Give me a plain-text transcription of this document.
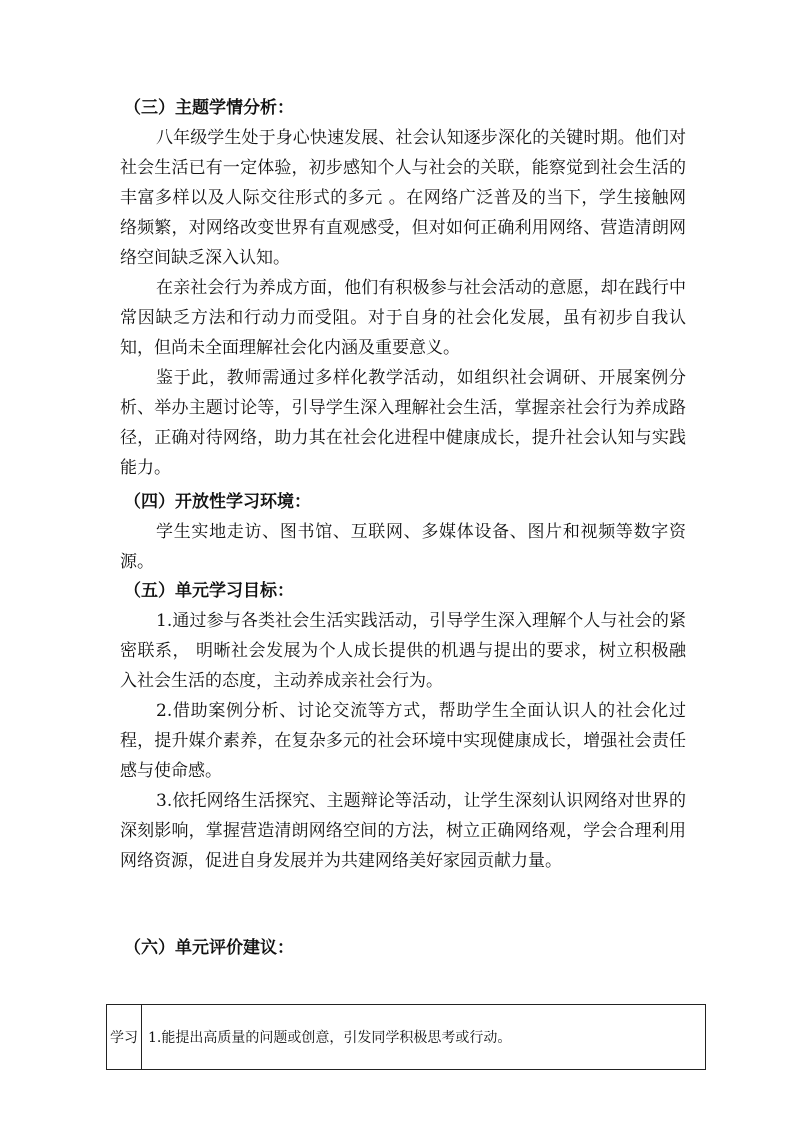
（三）主题学情分析：

八年级学生处于身心快速发展、社会认知逐步深化的关键时期。他们对社会生活已有一定体验，初步感知个人与社会的关联，能察觉到社会生活的丰富多样以及人际交往形式的多元 。在网络广泛普及的当下，学生接触网络频繁，对网络改变世界有直观感受，但对如何正确利用网络、营造清朗网络空间缺乏深入认知。

在亲社会行为养成方面，他们有积极参与社会活动的意愿，却在践行中常因缺乏方法和行动力而受阻。对于自身的社会化发展，虽有初步自我认知，但尚未全面理解社会化内涵及重要意义。

鉴于此，教师需通过多样化教学活动，如组织社会调研、开展案例分析、举办主题讨论等，引导学生深入理解社会生活，掌握亲社会行为养成路径，正确对待网络，助力其在社会化进程中健康成长，提升社会认知与实践能力。

（四）开放性学习环境：

学生实地走访、图书馆、互联网、多媒体设备、图片和视频等数字资源。

（五）单元学习目标：

1.通过参与各类社会生活实践活动，引导学生深入理解个人与社会的紧密联系， 明晰社会发展为个人成长提供的机遇与提出的要求，树立积极融入社会生活的态度，主动养成亲社会行为。

2.借助案例分析、讨论交流等方式，帮助学生全面认识人的社会化过程，提升媒介素养，在复杂多元的社会环境中实现健康成长，增强社会责任感与使命感。

3.依托网络生活探究、主题辩论等活动，让学生深刻认识网络对世界的深刻影响，掌握营造清朗网络空间的方法，树立正确网络观，学会合理利用网络资源，促进自身发展并为共建网络美好家园贡献力量。

（六）单元评价建议：
学习	1.能提出高质量的问题或创意，引发同学积极思考或行动。
